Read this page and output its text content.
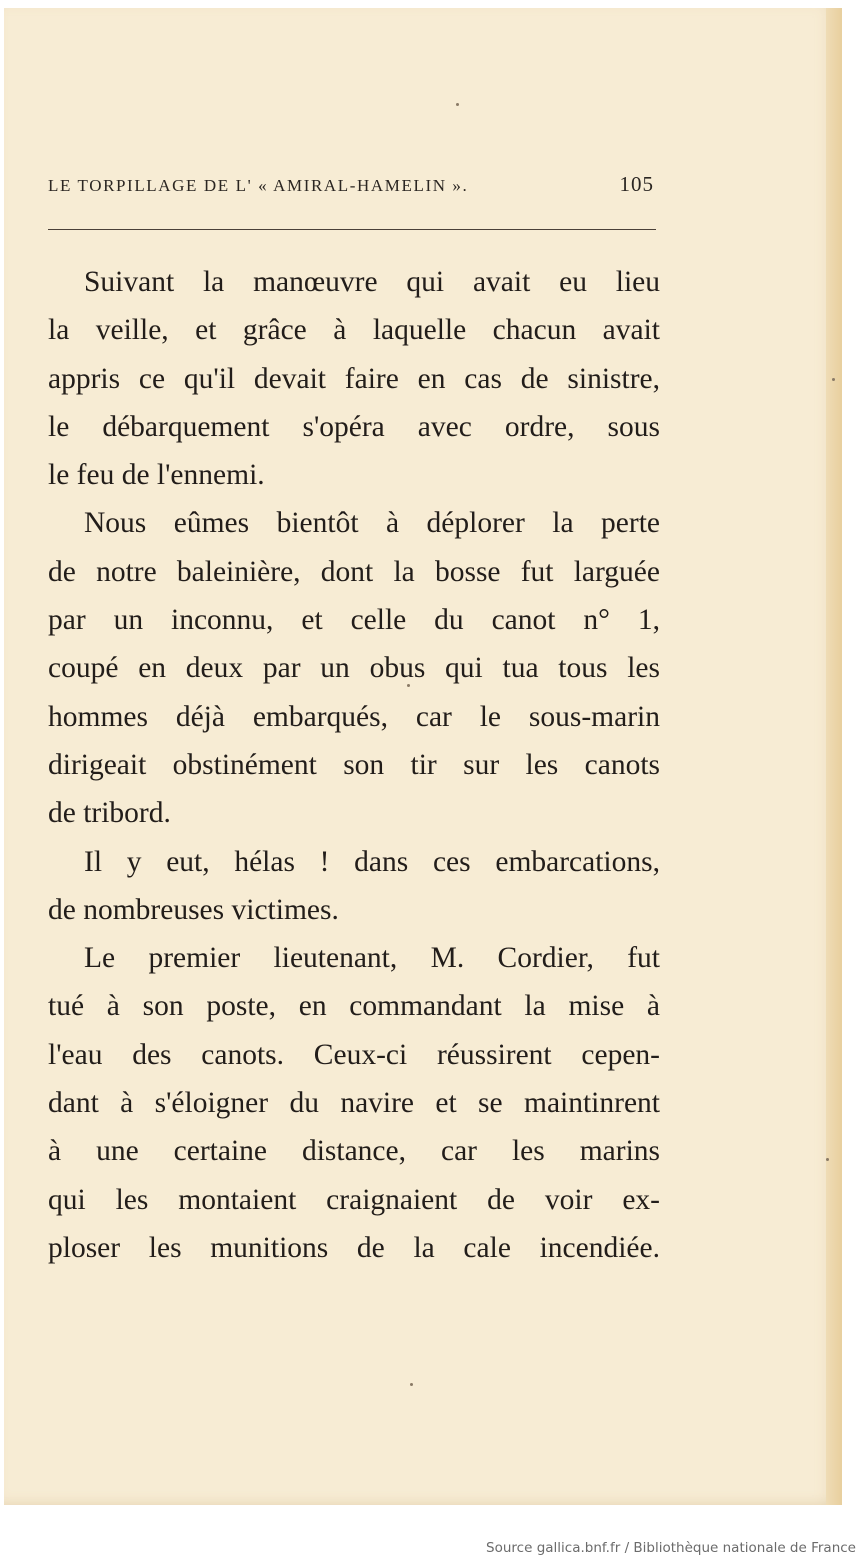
LE TORPILLAGE DE L' « AMIRAL-HAMELIN ».	105
Suivant la manœuvre qui avait eu lieu
la veille, et grâce à laquelle chacun avait
appris ce qu'il devait faire en cas de sinistre,
le débarquement s'opéra avec ordre, sous
le feu de l'ennemi.
Nous eûmes bientôt à déplorer la perte
de notre baleinière, dont la bosse fut larguée
par un inconnu, et celle du canot n° 1,
coupé en deux par un obus qui tua tous les
hommes déjà embarqués, car le sous-marin
dirigeait obstinément son tir sur les canots
de tribord.
Il y eut, hélas ! dans ces embarcations,
de nombreuses victimes.
Le premier lieutenant, M. Cordier, fut
tué à son poste, en commandant la mise à
l'eau des canots. Ceux-ci réussirent cepen-
dant à s'éloigner du navire et se maintinrent
à une certaine distance, car les marins
qui les montaient craignaient de voir ex-
ploser les munitions de la cale incendiée.
Source gallica.bnf.fr / Bibliothèque nationale de France
